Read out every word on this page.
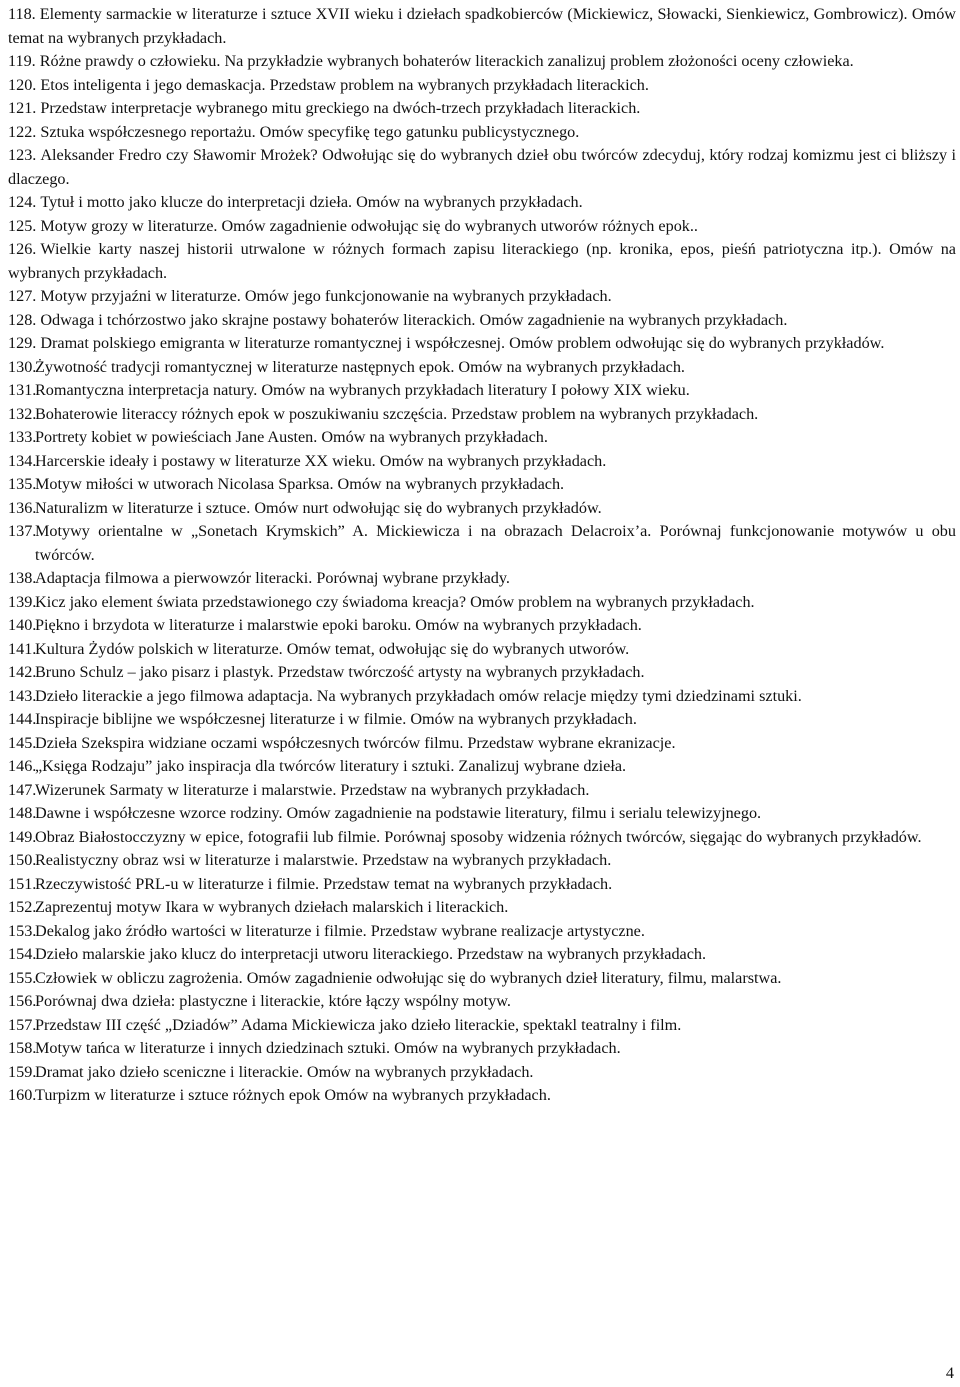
118. Elementy sarmackie w literaturze i sztuce XVII wieku i dziełach spadkobierców (Mickiewicz, Słowacki, Sienkiewicz, Gombrowicz). Omów temat na wybranych przykładach.

119. Różne prawdy o człowieku. Na przykładzie wybranych bohaterów literackich zanalizuj problem złożoności oceny człowieka.

120. Etos inteligenta i jego demaskacja. Przedstaw problem na wybranych przykładach literackich.

121. Przedstaw interpretacje wybranego mitu greckiego na dwóch-trzech przykładach literackich.

122. Sztuka współczesnego reportażu. Omów specyfikę tego gatunku publicystycznego.

123. Aleksander Fredro czy Sławomir Mrożek? Odwołując się do wybranych dzieł obu twórców zdecyduj, który rodzaj komizmu jest ci bliższy i dlaczego.

124. Tytuł i motto jako klucze do interpretacji dzieła. Omów na wybranych przykładach.

125. Motyw grozy w literaturze. Omów zagadnienie odwołując się do wybranych utworów różnych epok..

126. Wielkie karty naszej historii utrwalone w różnych formach zapisu literackiego (np. kronika, epos, pieśń patriotyczna itp.). Omów na wybranych przykładach.

127. Motyw przyjaźni w literaturze. Omów jego funkcjonowanie na wybranych przykładach.

128. Odwaga i tchórzostwo jako skrajne postawy bohaterów literackich. Omów zagadnienie na wybranych przykładach.

129. Dramat polskiego emigranta w literaturze romantycznej i współczesnej. Omów problem odwołując się do wybranych przykładów.

130.Żywotność tradycji romantycznej w literaturze następnych epok. Omów na wybranych przykładach.

131.Romantyczna interpretacja natury. Omów na wybranych przykładach literatury I połowy XIX wieku.

132.Bohaterowie literaccy różnych epok w poszukiwaniu szczęścia. Przedstaw problem na wybranych przykładach.

133.Portrety kobiet w powieściach Jane Austen. Omów na wybranych przykładach.

134.Harcerskie ideały i postawy w literaturze XX wieku. Omów na wybranych przykładach.

135.Motyw miłości w utworach Nicolasa Sparksa. Omów na wybranych przykładach.

136.Naturalizm w literaturze i sztuce. Omów nurt odwołując się do wybranych przykładów.

137.Motywy orientalne w „Sonetach Krymskich” A. Mickiewicza i na obrazach Delacroix’a. Porównaj funkcjonowanie motywów u obu twórców.

138.Adaptacja filmowa a pierwowzór literacki. Porównaj wybrane przykłady.

139.Kicz jako element świata przedstawionego czy świadoma kreacja? Omów problem na wybranych przykładach.

140.Piękno i brzydota w literaturze i malarstwie epoki baroku. Omów na wybranych przykładach.

141.Kultura Żydów polskich w literaturze. Omów temat, odwołując się do wybranych utworów.

142.Bruno Schulz – jako pisarz i plastyk. Przedstaw twórczość artysty na wybranych przykładach.

143.Dzieło literackie a jego filmowa adaptacja. Na wybranych przykładach omów relacje między tymi dziedzinami sztuki.

144.Inspiracje biblijne we współczesnej literaturze i w filmie. Omów na wybranych przykładach.

145.Dzieła Szekspira widziane oczami współczesnych twórców filmu. Przedstaw wybrane ekranizacje.

146.„Księga Rodzaju” jako inspiracja dla twórców literatury i sztuki. Zanalizuj wybrane dzieła.

147.Wizerunek Sarmaty w literaturze i malarstwie. Przedstaw na wybranych przykładach.

148.Dawne i współczesne wzorce rodziny. Omów zagadnienie na podstawie literatury, filmu i serialu telewizyjnego.

149.Obraz Białostocczyzny w epice, fotografii lub filmie. Porównaj sposoby widzenia różnych twórców, sięgając do wybranych przykładów.

150.Realistyczny obraz wsi w literaturze i malarstwie. Przedstaw na wybranych przykładach.

151.Rzeczywistość PRL-u w literaturze i filmie. Przedstaw temat na wybranych przykładach.

152.Zaprezentuj motyw Ikara w wybranych dziełach malarskich i literackich.

153.Dekalog jako źródło wartości w literaturze i filmie. Przedstaw wybrane realizacje artystyczne.

154.Dzieło malarskie jako klucz do interpretacji utworu literackiego. Przedstaw na wybranych przykładach.

155.Człowiek w obliczu zagrożenia. Omów zagadnienie odwołując się do wybranych dzieł literatury, filmu, malarstwa.

156.Porównaj dwa dzieła: plastyczne i literackie, które łączy wspólny motyw.

157.Przedstaw III część „Dziadów” Adama Mickiewicza jako dzieło literackie, spektakl teatralny i film.

158.Motyw tańca w literaturze i innych dziedzinach sztuki. Omów na wybranych przykładach.

159.Dramat jako dzieło sceniczne i literackie. Omów na wybranych przykładach.

160.Turpizm w literaturze i sztuce różnych epok Omów na wybranych przykładach.

4
